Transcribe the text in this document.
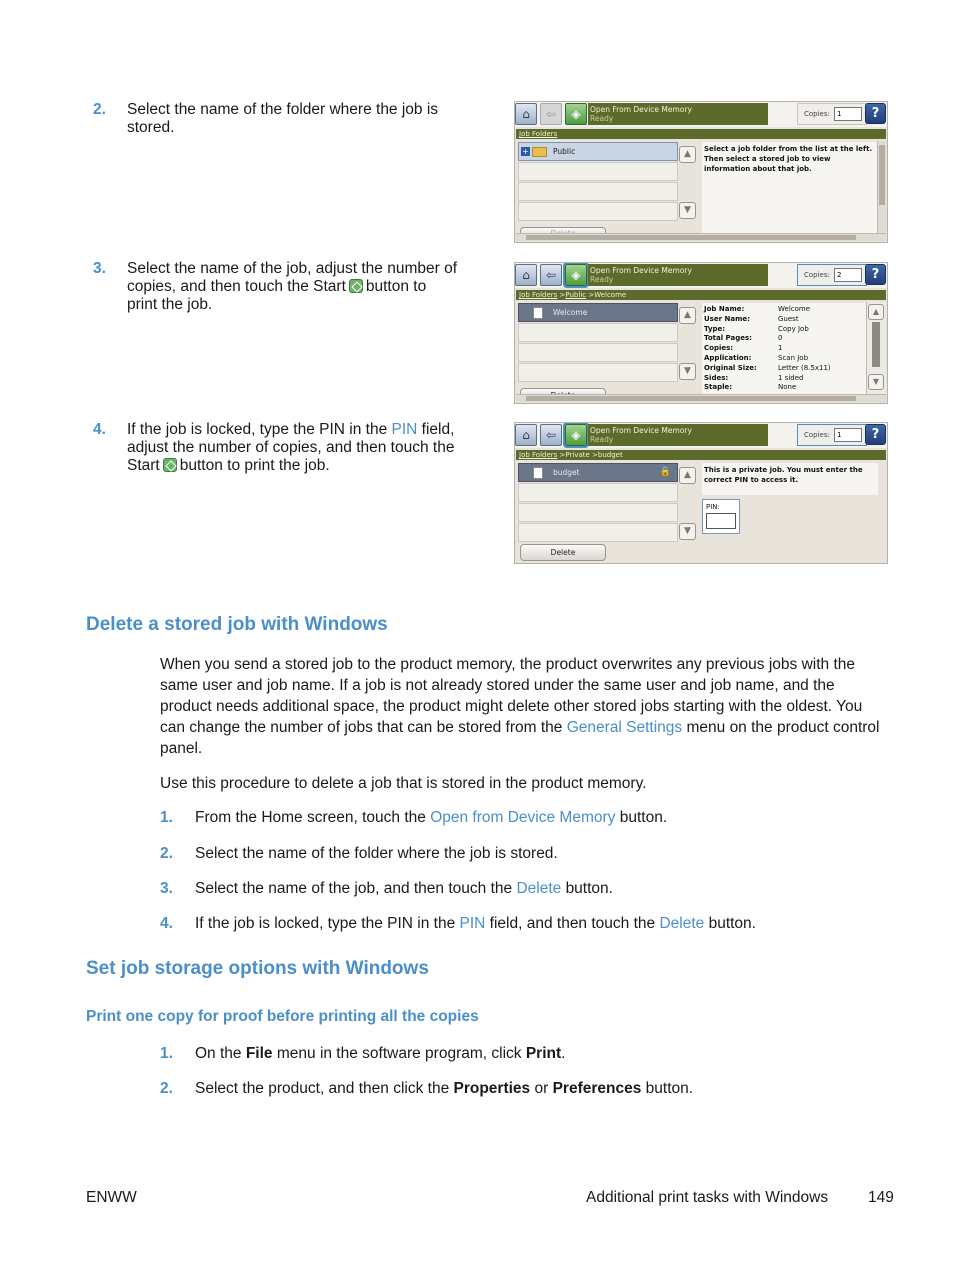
2. Select the name of the folder where the job is stored.
⌂	⇦	◈	Open From Device Memory
Ready	Copies:	1	?
Job Folders
+	Public	▲
▼
Select a job folder from the list at the left. Then select a stored job to view information about that job.
3. Select the name of the job, adjust the number of copies, and then touch the Start button to print the job.
⌂	⇦	◈	Open From Device Memory
Ready	Copies:	2	?
Job Folders >Public >Welcome
Welcome	▲
▼
Job Name:	Welcome
User Name:	Guest
Type:	Copy Job
Total Pages:	0
Copies:	1
Application:	Scan Job
Original Size:	Letter (8.5x11)
Sides:	1 sided
Staple:	None
▲
▼
4. If the job is locked, type the PIN in the PIN field, adjust the number of copies, and then touch the Start button to print the job.
⌂	⇦	◈	Open From Device Memory
Ready	Copies:	1	?
Job Folders >Private >budget
budget	🔒	▲
▼
Delete
This is a private job. You must enter the correct PIN to access it.
PIN:
Delete a stored job with Windows
When you send a stored job to the product memory, the product overwrites any previous jobs with the same user and job name. If a job is not already stored under the same user and job name, and the product needs additional space, the product might delete other stored jobs starting with the oldest. You can change the number of jobs that can be stored from the General Settings menu on the product control panel.
Use this procedure to delete a job that is stored in the product memory.
1. From the Home screen, touch the Open from Device Memory button.
2. Select the name of the folder where the job is stored.
3. Select the name of the job, and then touch the Delete button.
4. If the job is locked, type the PIN in the PIN field, and then touch the Delete button.
Set job storage options with Windows
Print one copy for proof before printing all the copies
1. On the File menu in the software program, click Print.
2. Select the product, and then click the Properties or Preferences button.
ENWW	Additional print tasks with Windows	149
